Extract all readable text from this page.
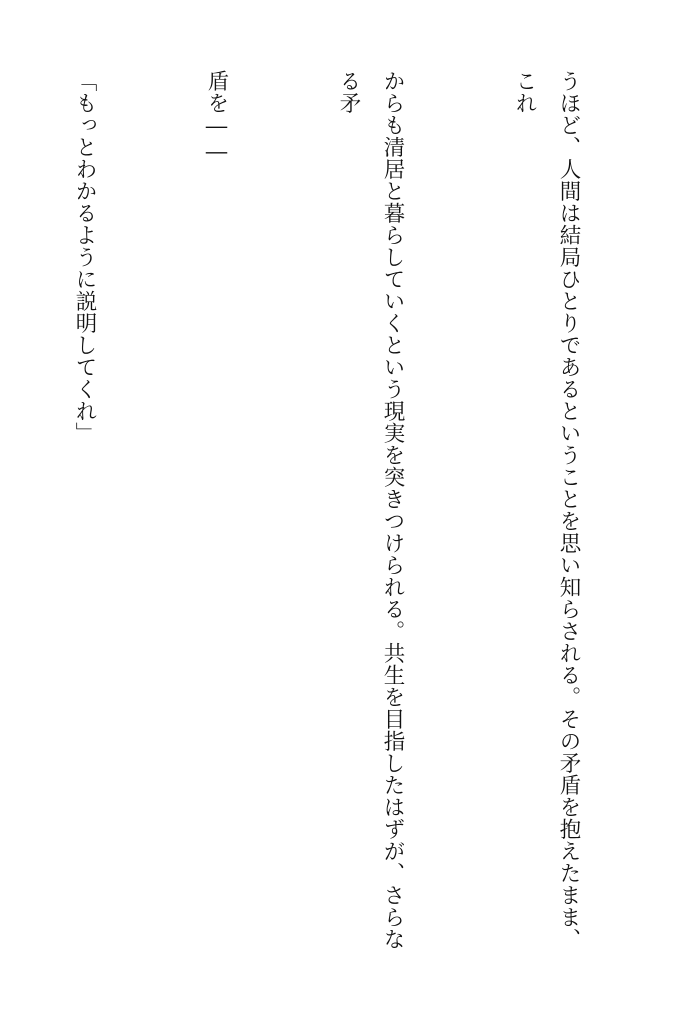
うほど、人間は結局ひとりであるということを思い知らされる。その矛盾を抱えたまま、これ

からも清居と暮らしていくという現実を突きつけられる。共生を目指したはずが、さらなる矛

盾を――

「もっとわかるように説明してくれ」
